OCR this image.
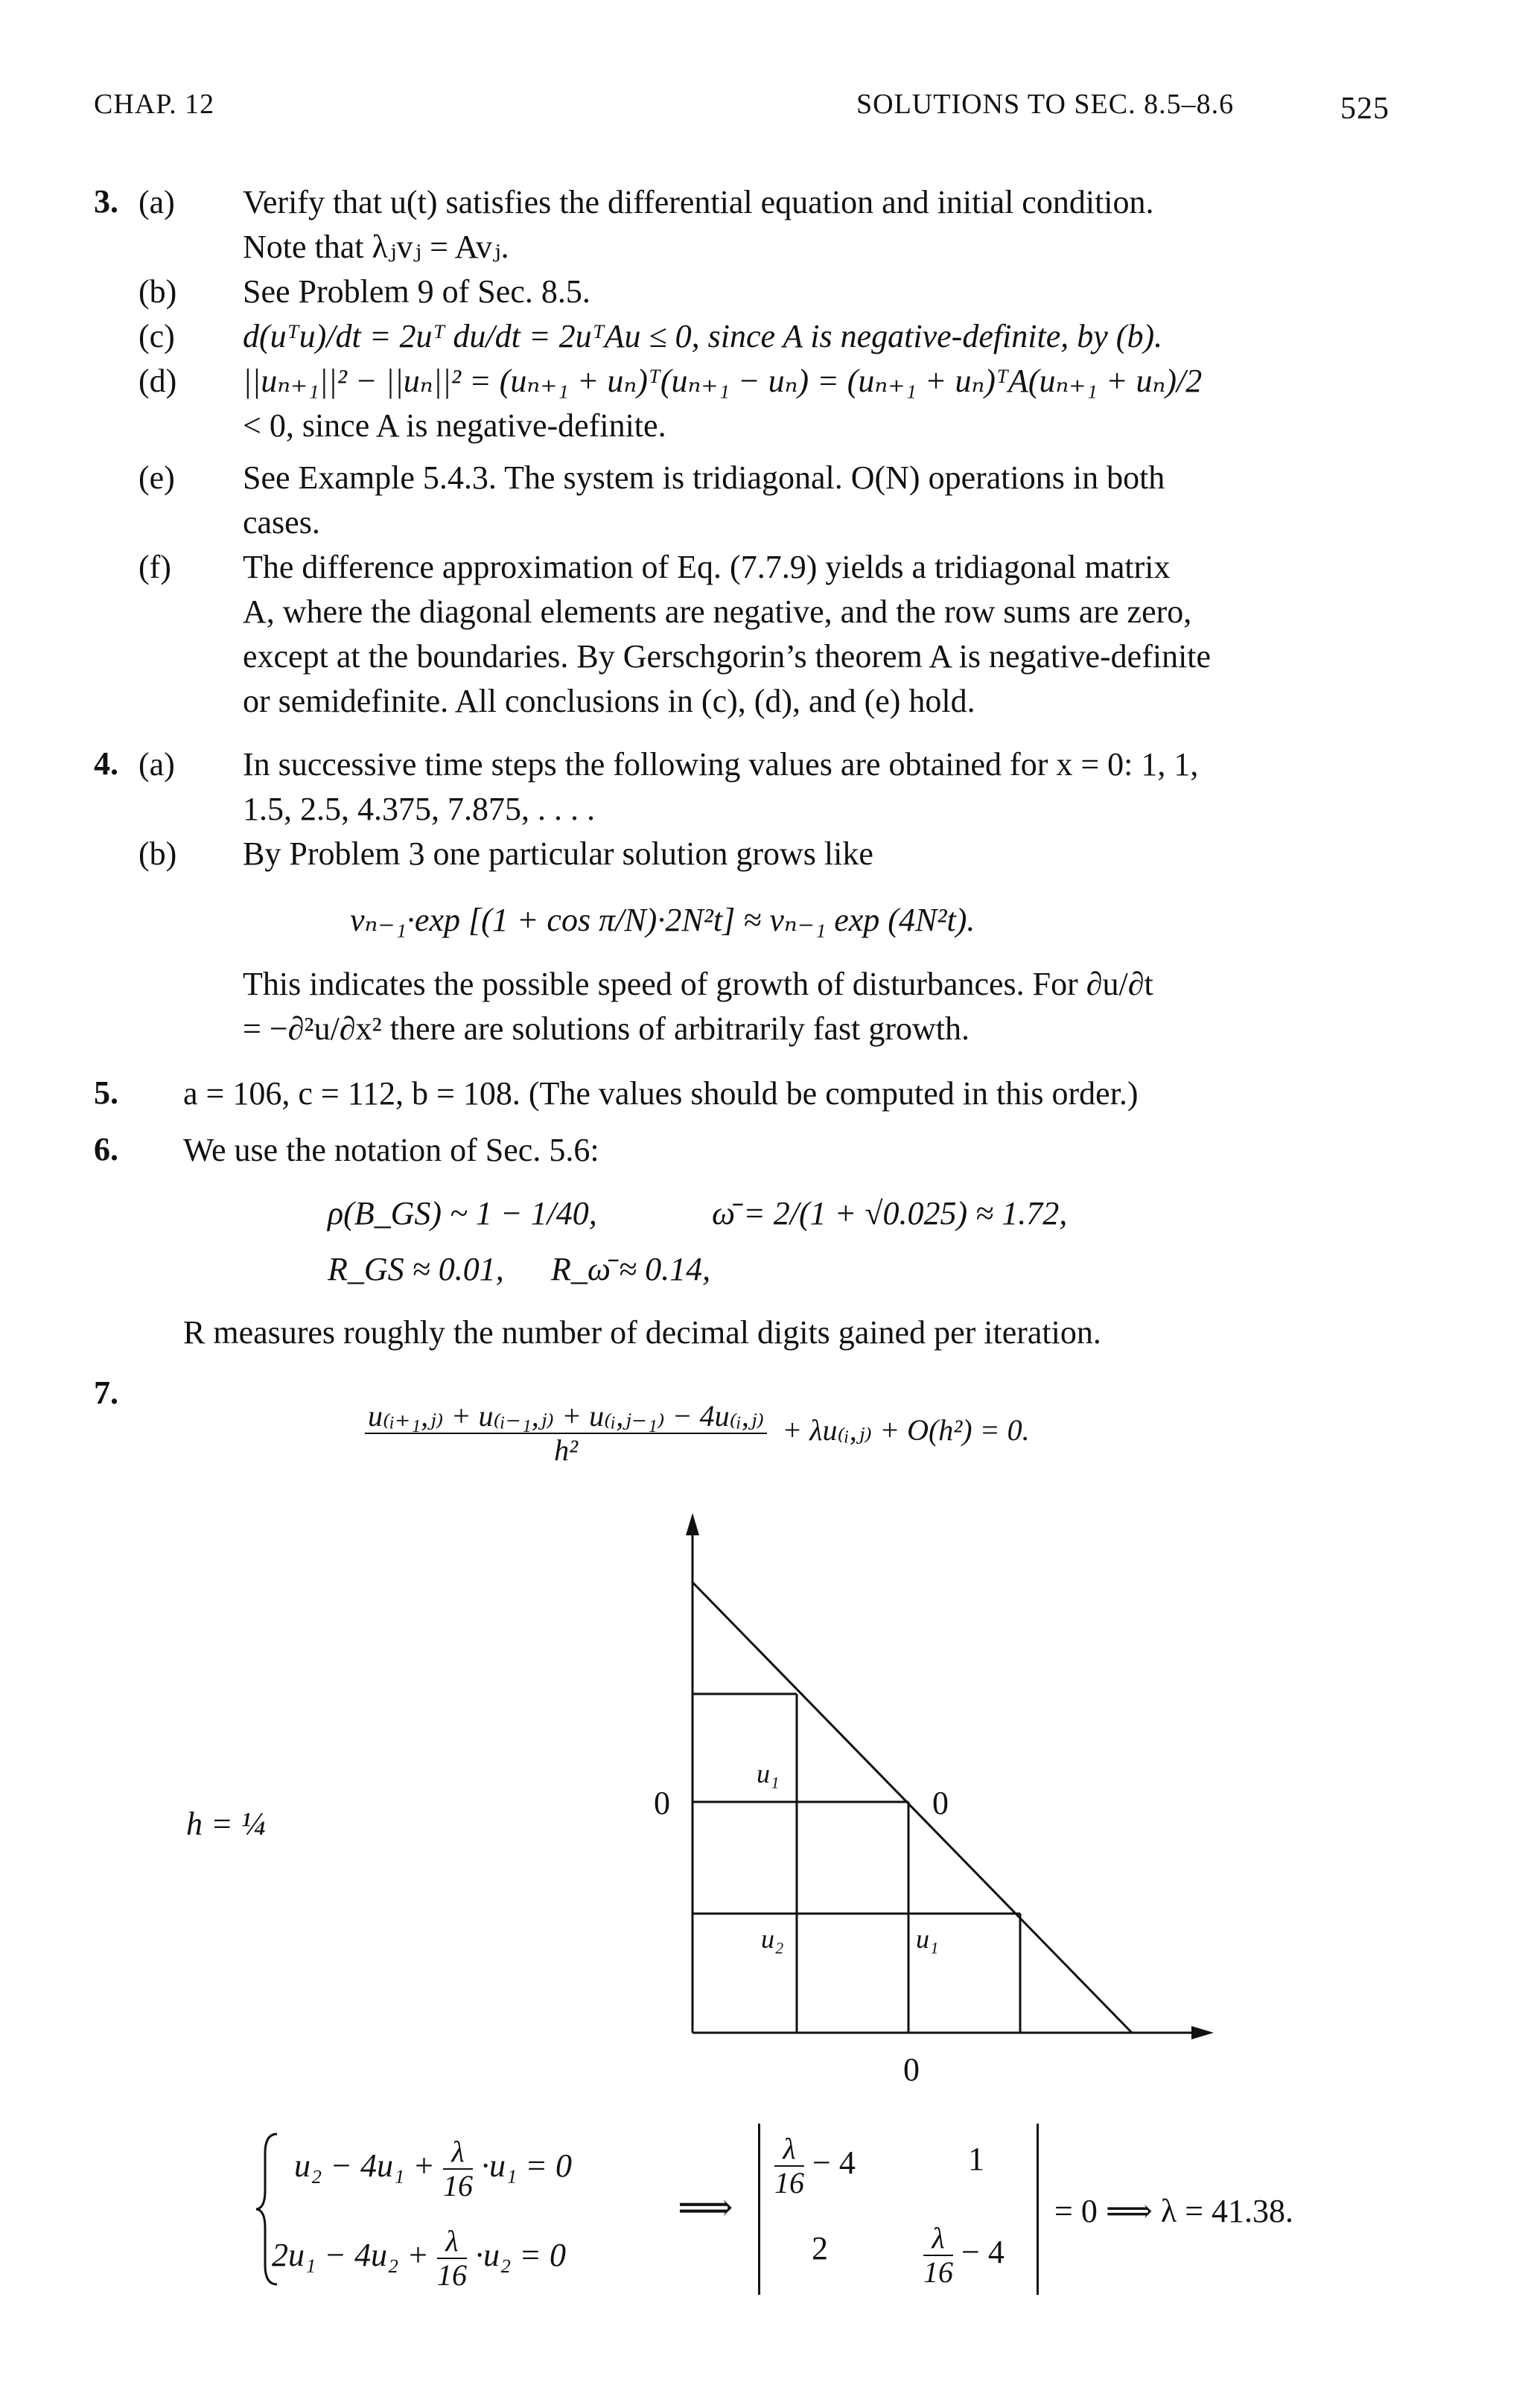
CHAP. 12	SOLUTIONS TO SEC. 8.5–8.6	525
3. (a) Verify that u(t) satisfies the differential equation and initial condition.
Note that λⱼvⱼ = Avⱼ.
(b) See Problem 9 of Sec. 8.5.
(c) d(uᵀu)/dt = 2uᵀ du/dt = 2uᵀAu ≤ 0, since A is negative-definite, by (b).
(d) ||uₙ₊₁||² − ||uₙ||² = (uₙ₊₁ + uₙ)ᵀ(uₙ₊₁ − uₙ) = (uₙ₊₁ + uₙ)ᵀA(uₙ₊₁ + uₙ)/2
< 0, since A is negative-definite.
(e) See Example 5.4.3. The system is tridiagonal. O(N) operations in both
cases.
(f) The difference approximation of Eq. (7.7.9) yields a tridiagonal matrix
A, where the diagonal elements are negative, and the row sums are zero,
except at the boundaries. By Gerschgorin’s theorem A is negative-definite
or semidefinite. All conclusions in (c), (d), and (e) hold.
4. (a) In successive time steps the following values are obtained for x = 0: 1, 1,
1.5, 2.5, 4.375, 7.875, . . . .
(b) By Problem 3 one particular solution grows like
vₙ₋₁·exp [(1 + cos π/N)·2N²t] ≈ vₙ₋₁ exp (4N²t).
This indicates the possible speed of growth of disturbances. For ∂u/∂t
= −∂²u/∂x² there are solutions of arbitrarily fast growth.
5. a = 106, c = 112, b = 108. (The values should be computed in this order.)
6. We use the notation of Sec. 5.6:
ρ(B_GS) ~ 1 − 1/40,	ω̄ = 2/(1 + √0.025) ≈ 1.72,
R_GS ≈ 0.01, R_ω̄ ≈ 0.14,
R measures roughly the number of decimal digits gained per iteration.
7.
$\frac{\text{u₍ᵢ₊₁,ⱼ₎ + u₍ᵢ₋₁,ⱼ₎ + u₍ᵢ,ⱼ₋₁₎ − 4u₍ᵢ,ⱼ₎}}{\text{h²}}$ + λu₍ᵢ,ⱼ₎ + O(h²) = 0.
h = ¼
0	0
0
u₁
u₂	u₁
$u_2 - 4u_1 + \frac{\lambda}{16} \cdot u_1 = 0$
$2u_1 - 4u_2 + \frac{\lambda}{16} \cdot u_2 = 0$
⟹
$\frac{\lambda}{16} - 4$	1
2	$\frac{\lambda}{16} - 4$
= 0 ⟹ λ = 41.38.
